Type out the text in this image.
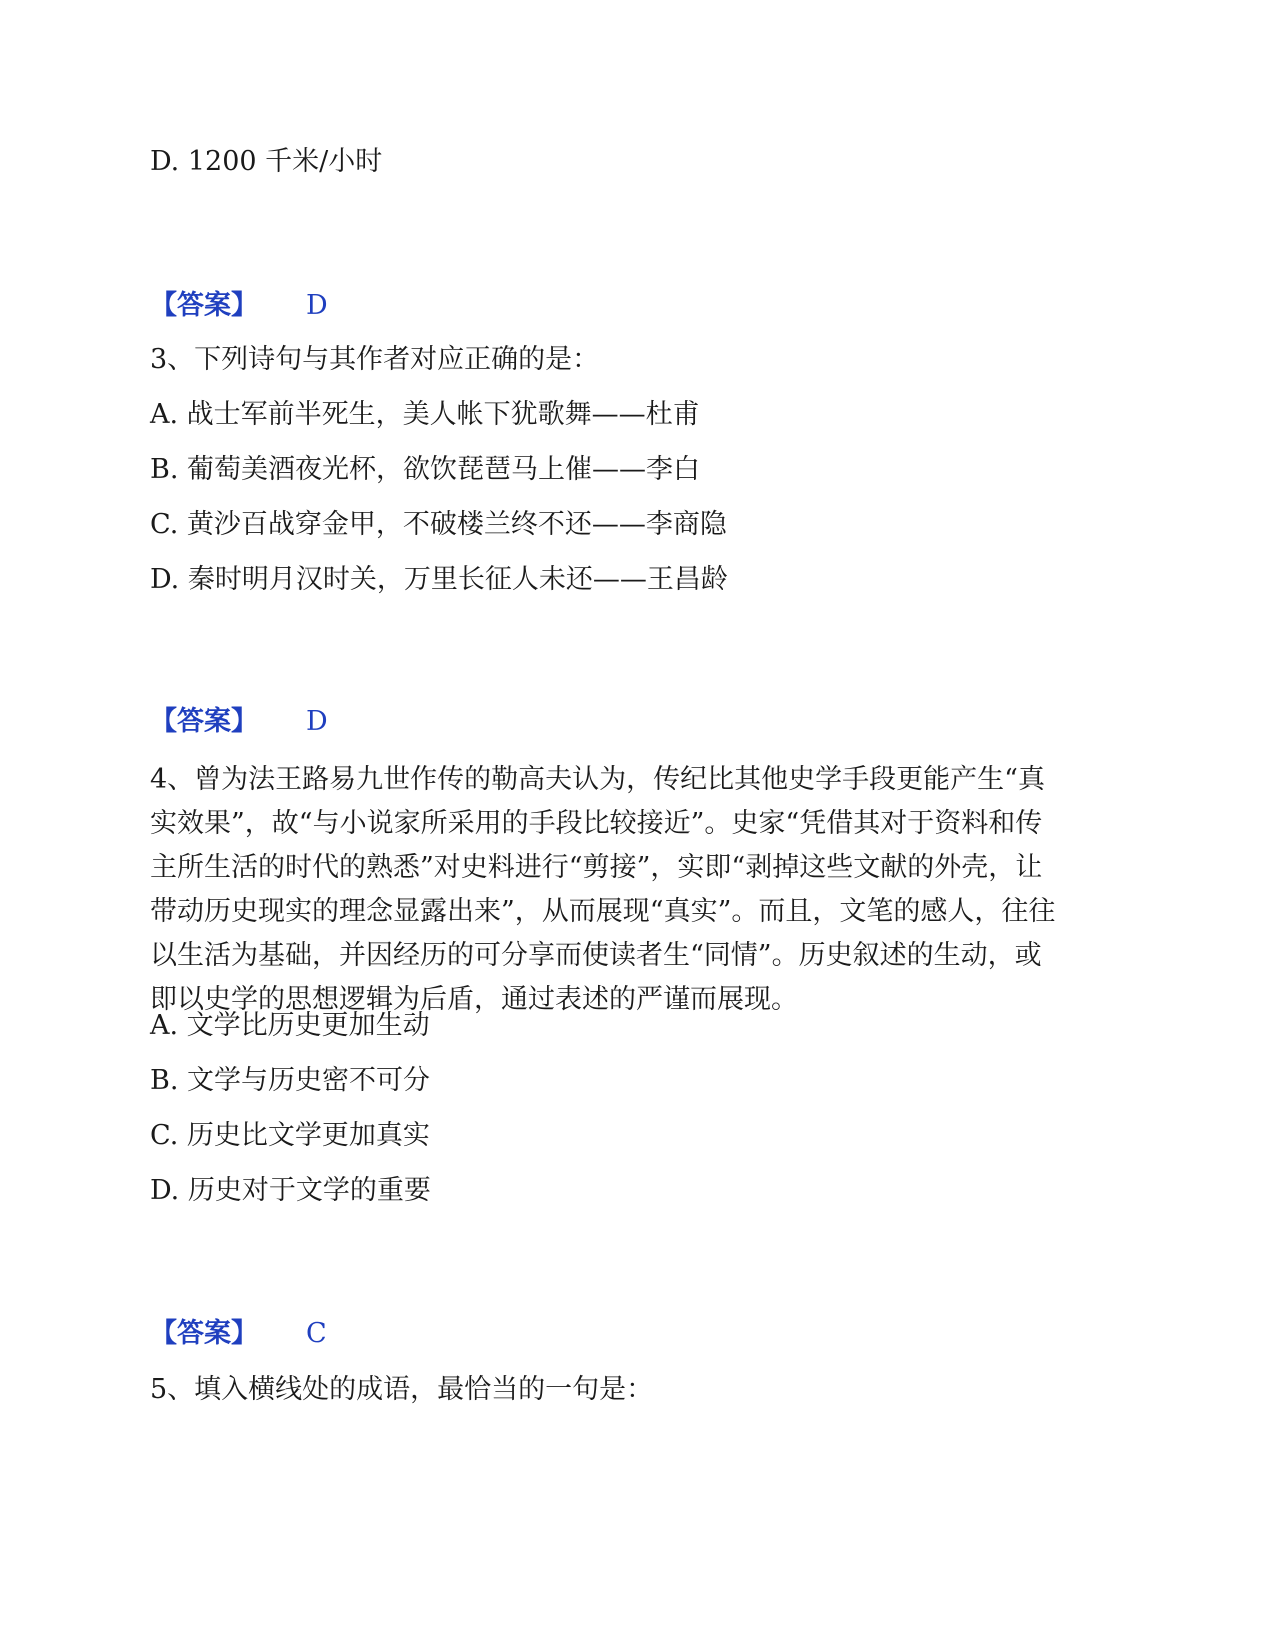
D. 1200 千米/小时
【答案】 D
3、下列诗句与其作者对应正确的是：
A. 战士军前半死生，美人帐下犹歌舞——杜甫
B. 葡萄美酒夜光杯，欲饮琵琶马上催——李白
C. 黄沙百战穿金甲，不破楼兰终不还——李商隐
D. 秦时明月汉时关，万里长征人未还——王昌龄
【答案】 D

4、曾为法王路易九世作传的勒高夫认为，传纪比其他史学手段更能产生“真

实效果”，故“与小说家所采用的手段比较接近”。史家“凭借其对于资料和传

主所生活的时代的熟悉”对史料进行“剪接”，实即“剥掉这些文献的外壳，让

带动历史现实的理念显露出来”，从而展现“真实”。而且，文笔的感人，往往

以生活为基础，并因经历的可分享而使读者生“同情”。历史叙述的生动，或

即以史学的思想逻辑为后盾，通过表述的严谨而展现。

A. 文学比历史更加生动
B. 文学与历史密不可分
C. 历史比文学更加真实
D. 历史对于文学的重要
【答案】 C
5、填入横线处的成语，最恰当的一句是：
